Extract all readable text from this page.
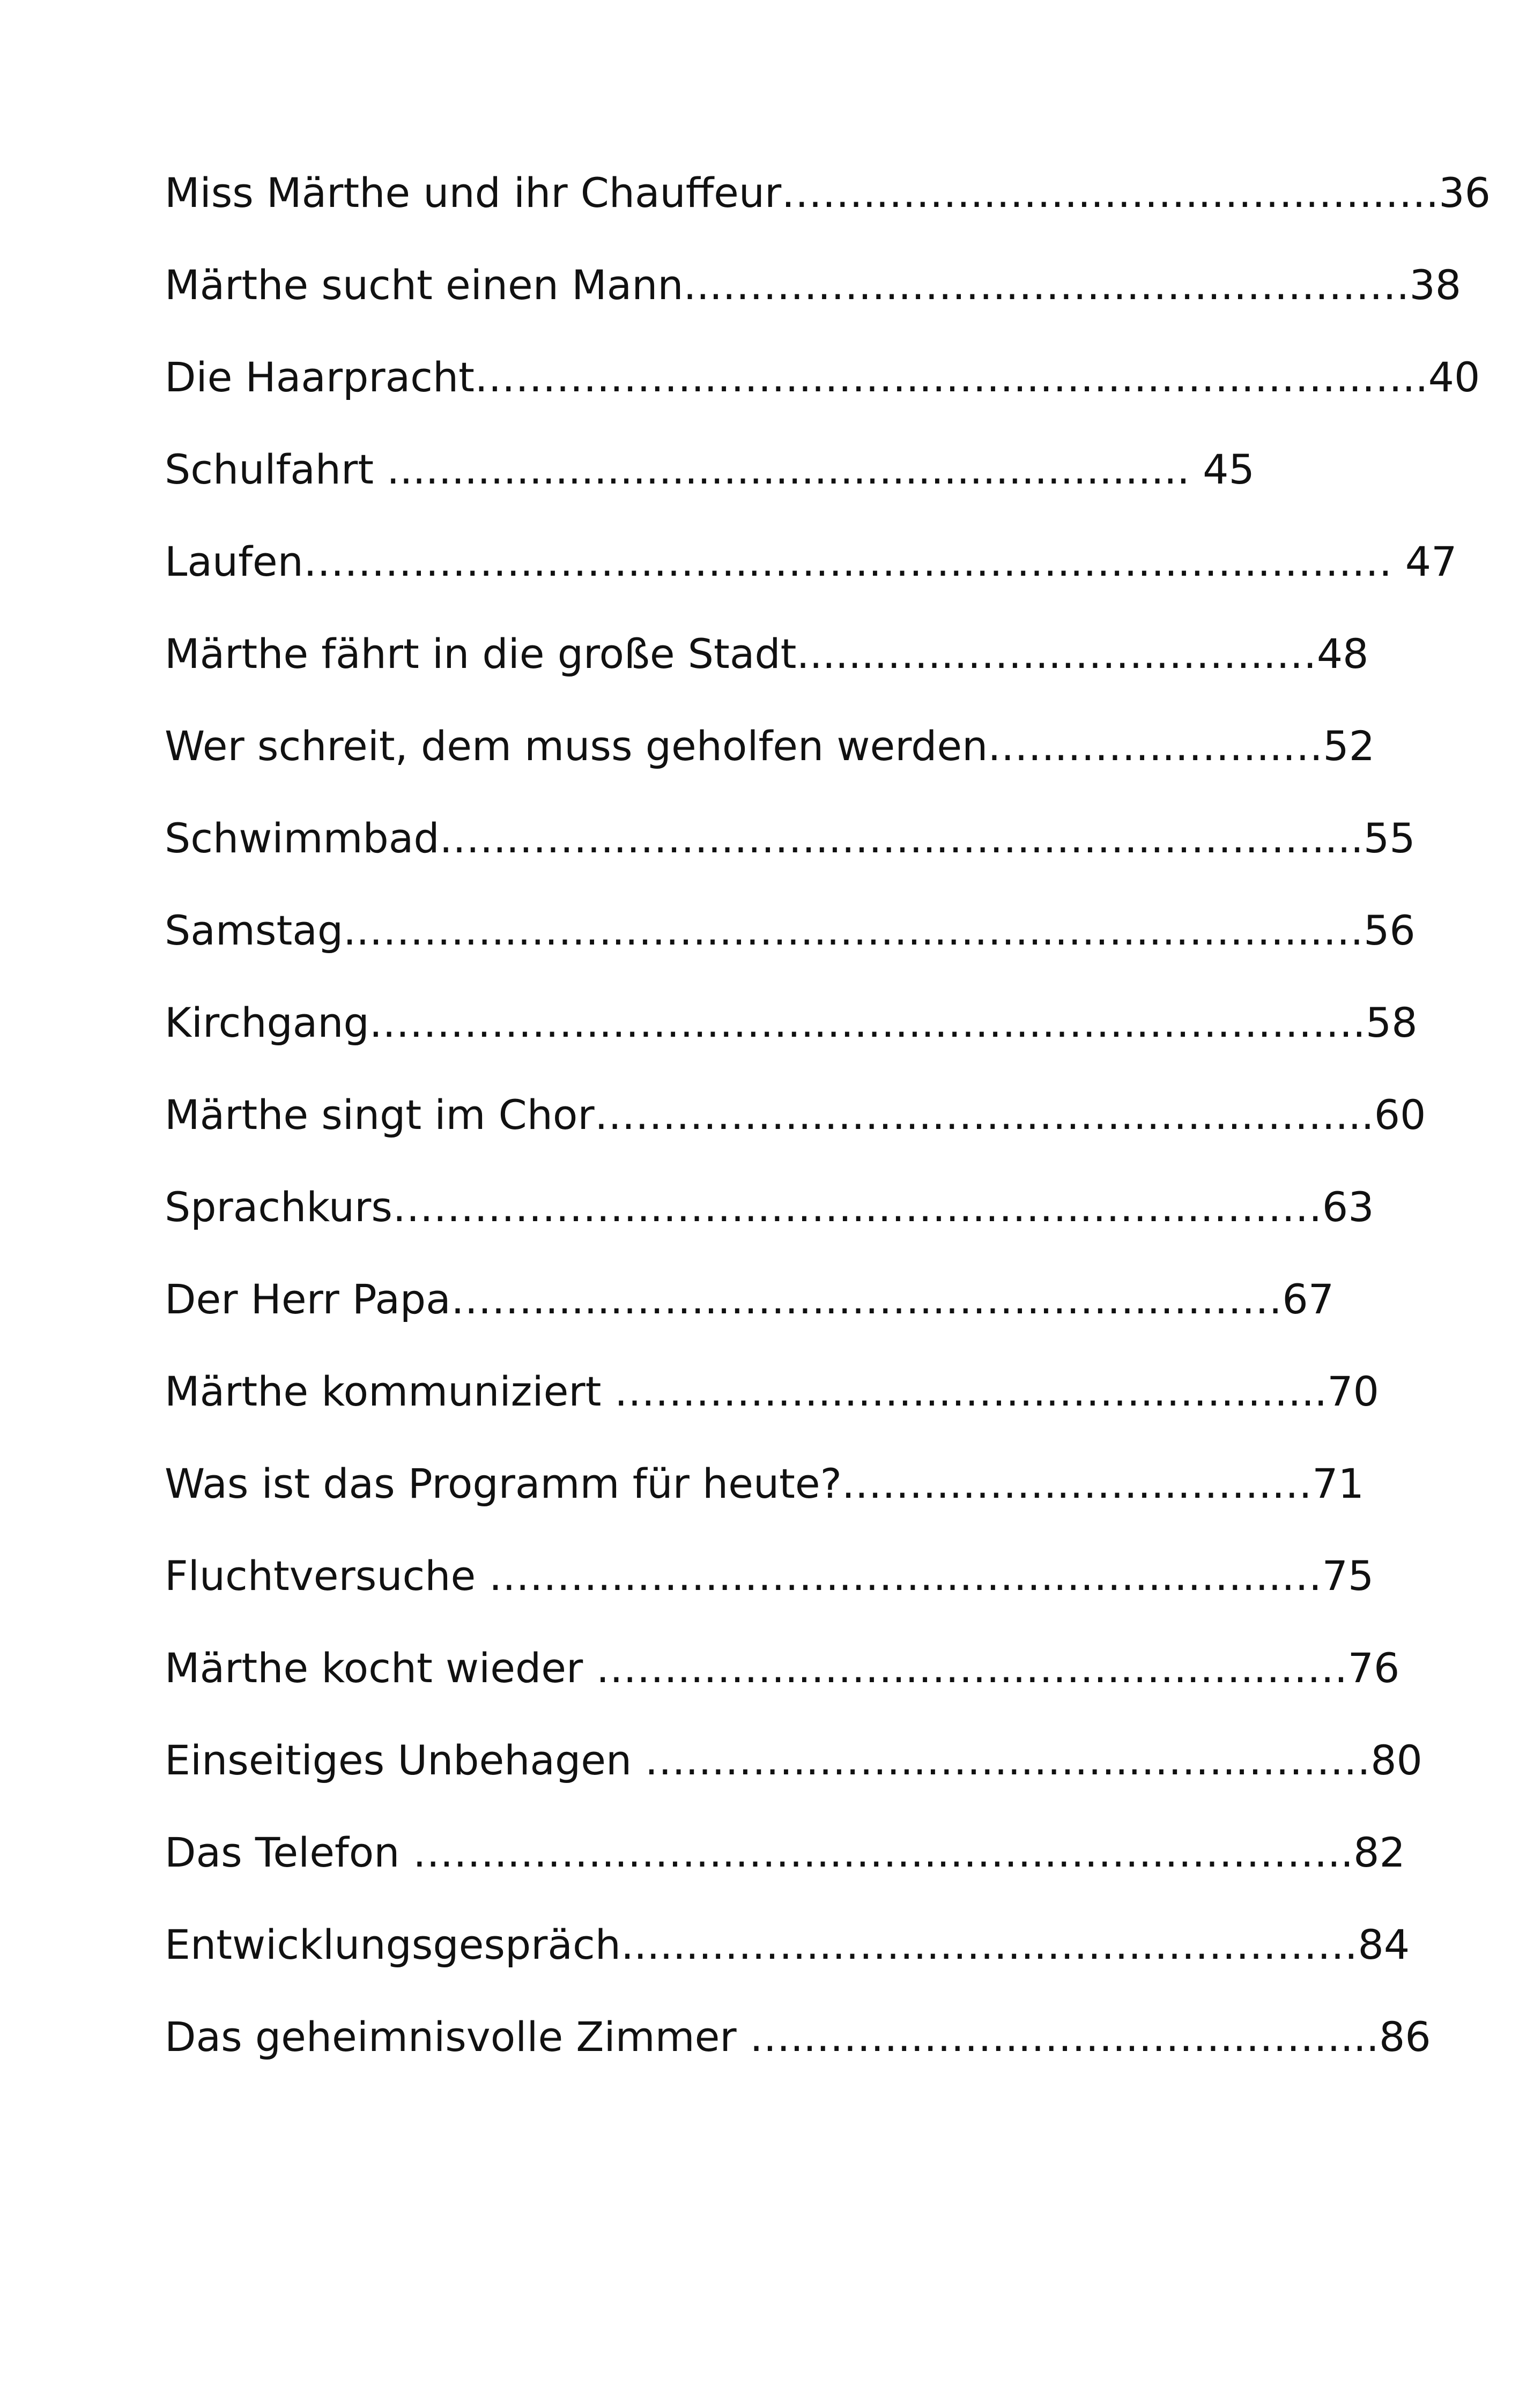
Miss Märthe und ihr Chauffeur……..……..……..……..……..…..….36
Märthe sucht einen Mann...…………..……..……..……..………….38
Die Haarpracht……….……..……..……..……..……..……..……..…..40
Schulfahrt .............................................................. 45
Laufen……….……..……..……..……..……..……..……..…..…….… 47
Märthe fährt in die große Stadt.......…..……..……..……..…48
Wer schreit, dem muss geholfen werden.…..……..……..…52
Schwimmbad.…..……..……..……..……..……..……..……..…....55
Samstag..………..……..……..……..……..……..……..………...…56
Kirchgang.……………..……..……..……..……..……..…………….58
Märthe singt im Chor……………..……..……..……..……..……...60
Sprachkurs………………..……..……..……..……..……..………63
Der Herr Papa…….......……..……..……..……..……..………67
Märthe kommuniziert ……………..……..……..……..…….…..70
Was ist das Programm für heute?.……..……..……..…….…71
Fluchtversuche ………..……..……..……..……..……..……..…75
Märthe kocht wieder ……..……..……..……..……..…..…..……76
Einseitiges Unbehagen …..……..……..……..……..……..………80
Das Telefon ……..……..……..……..……..……..……..…………..82
Entwicklungsgespräch........……..……..……..……..……………84
Das geheimnisvolle Zimmer …..……..……..……..……..……....86
